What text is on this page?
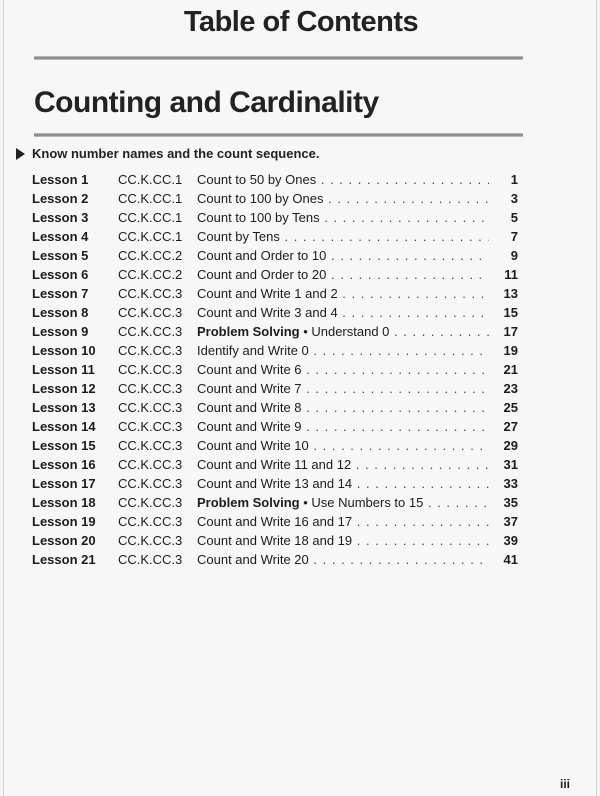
Table of Contents
Counting and Cardinality
Know number names and the count sequence.
Lesson 1 CC.K.CC.1 Count to 50 by Ones . . .	1
Lesson 2 CC.K.CC.1 Count to 100 by Ones . . .	3
Lesson 3 CC.K.CC.1 Count to 100 by Tens . . .	5
Lesson 4 CC.K.CC.1 Count by Tens . . .	7
Lesson 5 CC.K.CC.2 Count and Order to 10 . . .	9
Lesson 6 CC.K.CC.2 Count and Order to 20 . . .	11
Lesson 7 CC.K.CC.3 Count and Write 1 and 2 . . .	13
Lesson 8 CC.K.CC.3 Count and Write 3 and 4 . . .	15
Lesson 9 CC.K.CC.3 Problem Solving • Understand 0 . . .	17
Lesson 10 CC.K.CC.3 Identify and Write 0 . . .	19
Lesson 11 CC.K.CC.3 Count and Write 6 . . .	21
Lesson 12 CC.K.CC.3 Count and Write 7 . . .	23
Lesson 13 CC.K.CC.3 Count and Write 8 . . .	25
Lesson 14 CC.K.CC.3 Count and Write 9 . . .	27
Lesson 15 CC.K.CC.3 Count and Write 10 . . .	29
Lesson 16 CC.K.CC.3 Count and Write 11 and 12 . . .	31
Lesson 17 CC.K.CC.3 Count and Write 13 and 14 . . .	33
Lesson 18 CC.K.CC.3 Problem Solving • Use Numbers to 15 . . .	35
Lesson 19 CC.K.CC.3 Count and Write 16 and 17 . . .	37
Lesson 20 CC.K.CC.3 Count and Write 18 and 19 . . .	39
Lesson 21 CC.K.CC.3 Count and Write 20 . . .	41
iii
